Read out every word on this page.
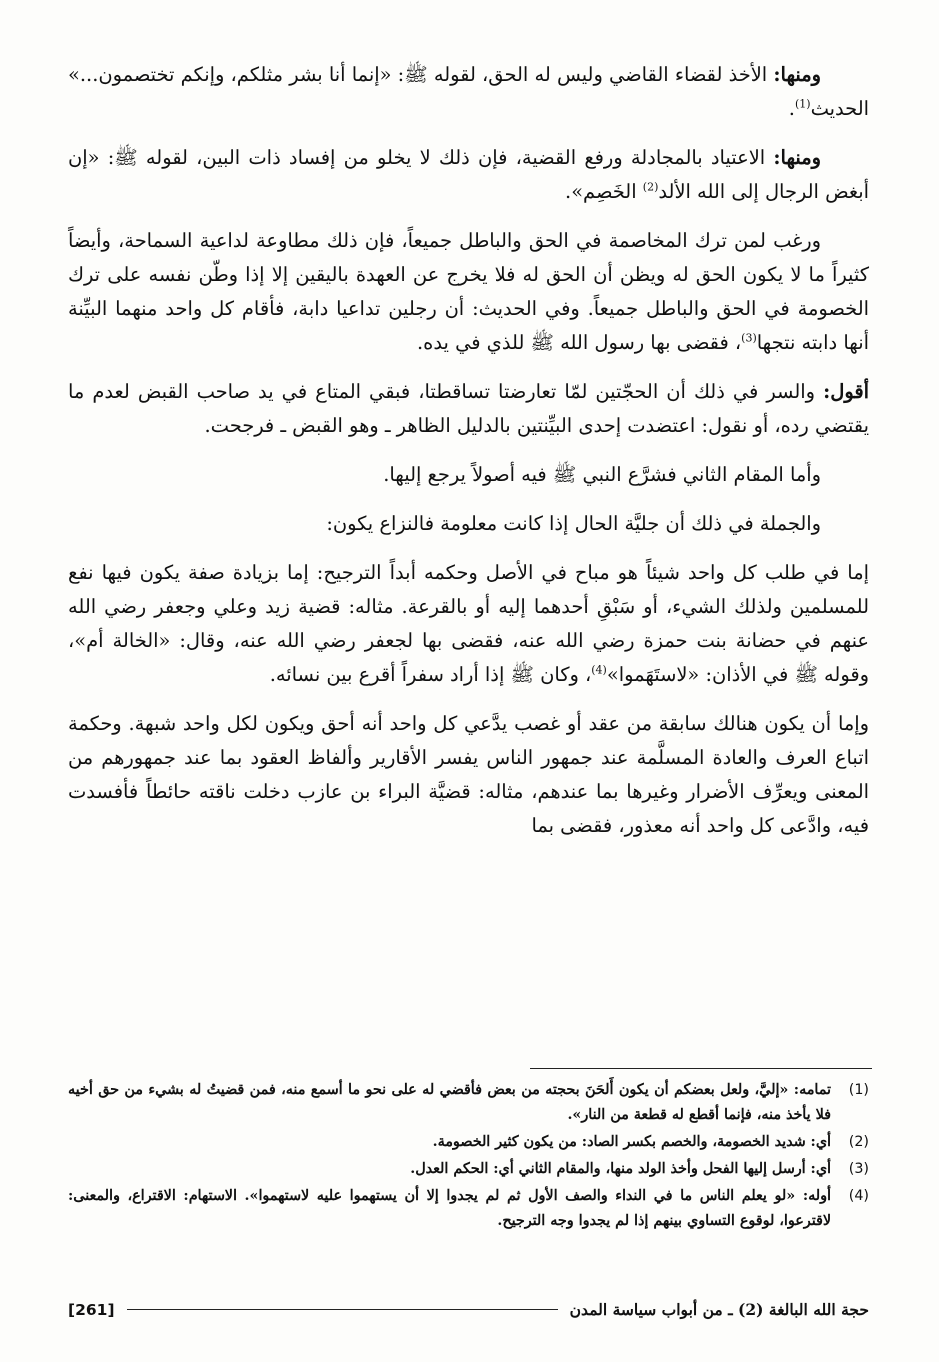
ومنها: الأخذ لقضاء القاضي وليس له الحق، لقوله ﷺ: «إنما أنا بشر مثلكم، وإنكم تختصمون...» الحديث$^{(1)}$.

ومنها: الاعتياد بالمجادلة ورفع القضية، فإن ذلك لا يخلو من إفساد ذات البين، لقوله ﷺ: «إن أبغض الرجال إلى الله الألد$^{(2)}$ الخَصِم».

ورغب لمن ترك المخاصمة في الحق والباطل جميعاً، فإن ذلك مطاوعة لداعية السماحة، وأيضاً كثيراً ما لا يكون الحق له ويظن أن الحق له فلا يخرج عن العهدة باليقين إلا إذا وطّن نفسه على ترك الخصومة في الحق والباطل جميعاً. وفي الحديث: أن رجلين تداعيا دابة، فأقام كل واحد منهما البيِّنة أنها دابته نتجها$^{(3)}$، فقضى بها رسول الله ﷺ للذي في يده.

أقول: والسر في ذلك أن الحجّتين لمّا تعارضتا تساقطتا، فبقي المتاع في يد صاحب القبض لعدم ما يقتضي رده، أو نقول: اعتضدت إحدى البيِّنتين بالدليل الظاهر ـ وهو القبض ـ فرجحت.

وأما المقام الثاني فشرَّع النبي ﷺ فيه أصولاً يرجع إليها.

والجملة في ذلك أن جليَّة الحال إذا كانت معلومة فالنزاع يكون:

إما في طلب كل واحد شيئاً هو مباح في الأصل وحكمه أبداً الترجيح: إما بزيادة صفة يكون فيها نفع للمسلمين ولذلك الشيء، أو سَبْقِ أحدهما إليه أو بالقرعة. مثاله: قضية زيد وعلي وجعفر رضي الله عنهم في حضانة بنت حمزة رضي الله عنه، فقضى بها لجعفر رضي الله عنه، وقال: «الخالة أم»، وقوله ﷺ في الأذان: «لاستَهَموا»$^{(4)}$، وكان ﷺ إذا أراد سفراً أقرع بين نسائه.

وإما أن يكون هنالك سابقة من عقد أو غصب يدَّعي كل واحد أنه أحق ويكون لكل واحد شبهة. وحكمة اتباع العرف والعادة المسلَّمة عند جمهور الناس يفسر الأقارير وألفاظ العقود بما عند جمهورهم من المعنى ويعرِّف الأضرار وغيرها بما عندهم، مثاله: قضيَّة البراء بن عازب دخلت ناقته حائطاً فأفسدت فيه، وادَّعى كل واحد أنه معذور، فقضى بما

(1)
تمامه: «إليَّ، ولعل بعضكم أن يكون أَلحَنَ بحجته من بعض فأقضي له على نحو ما أسمع منه، فمن قضيتُ له بشيء من حق أخيه فلا يأخذ منه، فإنما أقطع له قطعة من النار».
(2)
أي: شديد الخصومة، والخصم بكسر الصاد: من يكون كثير الخصومة.
(3)
أي: أرسل إليها الفحل وأخذ الولد منها، والمقام الثاني أي: الحكم العدل.
(4)
أوله: «لو يعلم الناس ما في النداء والصف الأول ثم لم يجدوا إلا أن يستهموا عليه لاستهموا». الاستهام: الاقتراع، والمعنى: لاقترعوا، لوقوع التساوي بينهم إذا لم يجدوا وجه الترجيح.
[261]	حجة الله البالغة (2) ـ من أبواب سياسة المدن
